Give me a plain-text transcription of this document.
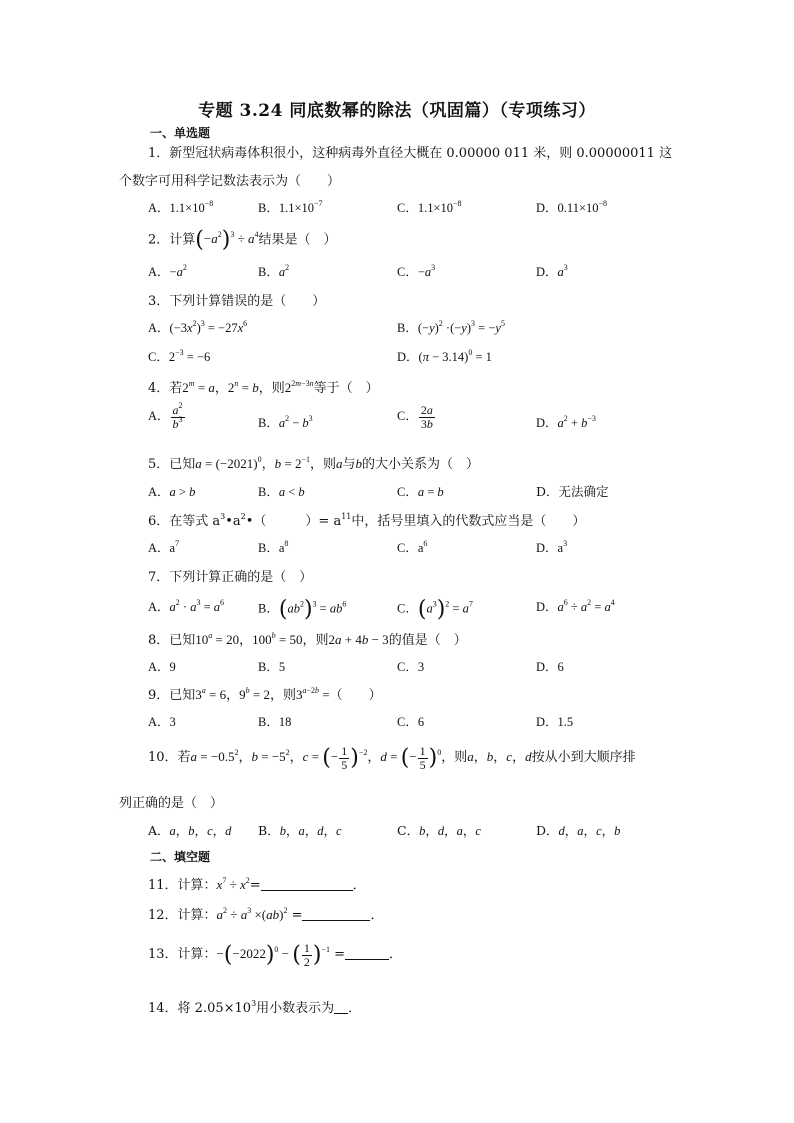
专题 3.24 同底数幂的除法（巩固篇）（专项练习）
一、单选题
1．新型冠状病毒体积很小，这种病毒外直径大概在 0.00000 011 米，则 0.00000011 这
个数字可用科学记数法表示为（　　）
A．$1.1\times 10^{-8}$	B．$1.1\times 10^{-7}$	C．$1.1\times 10^{-8}$	D．$0.11\times 10^{-8}$
2．计算$(-a^2)^3 \div a^4$结果是（　）
A．$-a^2$	B．$a^2$	C．$-a^3$	D．$a^3$
3．下列计算错误的是（　　）
A．$(-3x^2)^3 = -27x^6$	B．$(-y)^2 \cdot(-y)^3 = -y^5$
C．$2^{-3} = -6$	D．$(\pi - 3.14)^0 = 1$
4．若$2^m = a$，$2^n = b$，则$2^{2m-3n}$等于（　）
A． $\frac{a^2}{b^3}$	B．$a^2 - b^3$	C． $\frac{2a}{3b}$	D．$a^2 + b^{-3}$
5．已知$a = (-2021)^0$，$b = 2^{-1}$，则a与b的大小关系为（　）
A．a > b	B．a < b	C．a = b	D．无法确定
6．在等式 $a^3•a^2•$（　　　）= $a^{11}$中，括号里填入的代数式应当是（　　）
A．$a^7$	B．$a^8$	C．$a^6$	D．$a^3$
7．下列计算正确的是（　）
A．$a^2 \cdot a^3 = a^6$	B．$(ab^2)^3 = ab^6$	C．$(a^3)^2 = a^7$	D．$a^6 \div a^2 = a^4$
8．已知$10^a = 20$，$100^b = 50$，则2a + 4b − 3的值是（　）
A．9	B．5	C．3	D．6
9．已知$3^a = 6$，$9^b = 2$，则$3^{a-2b}$ =（　　）
A．3	B．18	C．6	D．1.5
10．若$a = -0.5^2$，$b = -5^2$，c = (− $\frac{1}{5} )^{-2}$，d = (− $\frac{1}{5} )^0$，则a，b，c，d按从小到大顺序排
列正确的是（　）
A．a，b，c，d B．b，a，d，c	C．b，d，a，c	D．d，a，c，b
二、填空题
11．计算：$x^7 \div x^2=$	．
12．计算：$a^2 \div a^3 \times(ab)^2$ =	．
13．计算：$-(-2022)^0$ − ( $\frac{1}{2} )^{-1}$ =	．
14．将 $2.05\times 10^3$用小数表示为 ．
